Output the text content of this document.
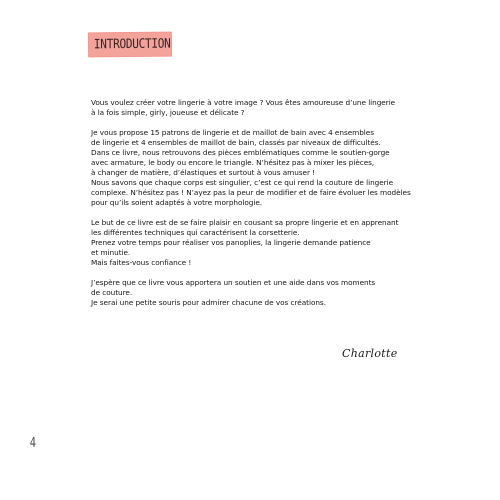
INTRODUCTION
Vous voulez créer votre lingerie à votre image ? Vous êtes amoureuse d’une lingerie
à la fois simple, girly, joueuse et délicate ?
Je vous propose 15 patrons de lingerie et de maillot de bain avec 4 ensembles
de lingerie et 4 ensembles de maillot de bain, classés par niveaux de difficultés.
Dans ce livre, nous retrouvons des pièces emblématiques comme le soutien-gorge
avec armature, le body ou encore le triangle. N’hésitez pas à mixer les pièces,
à changer de matière, d’élastiques et surtout à vous amuser !
Nous savons que chaque corps est singulier, c’est ce qui rend la couture de lingerie
complexe. N’hésitez pas ! N’ayez pas la peur de modifier et de faire évoluer les modèles
pour qu’ils soient adaptés à votre morphologie.
Le but de ce livre est de se faire plaisir en cousant sa propre lingerie et en apprenant
les différentes techniques qui caractérisent la corsetterie.
Prenez votre temps pour réaliser vos panoplies, la lingerie demande patience
et minutie.
Mais faites-vous confiance !
J’espère que ce livre vous apportera un soutien et une aide dans vos moments
de couture.
Je serai une petite souris pour admirer chacune de vos créations.
Charlotte
4
